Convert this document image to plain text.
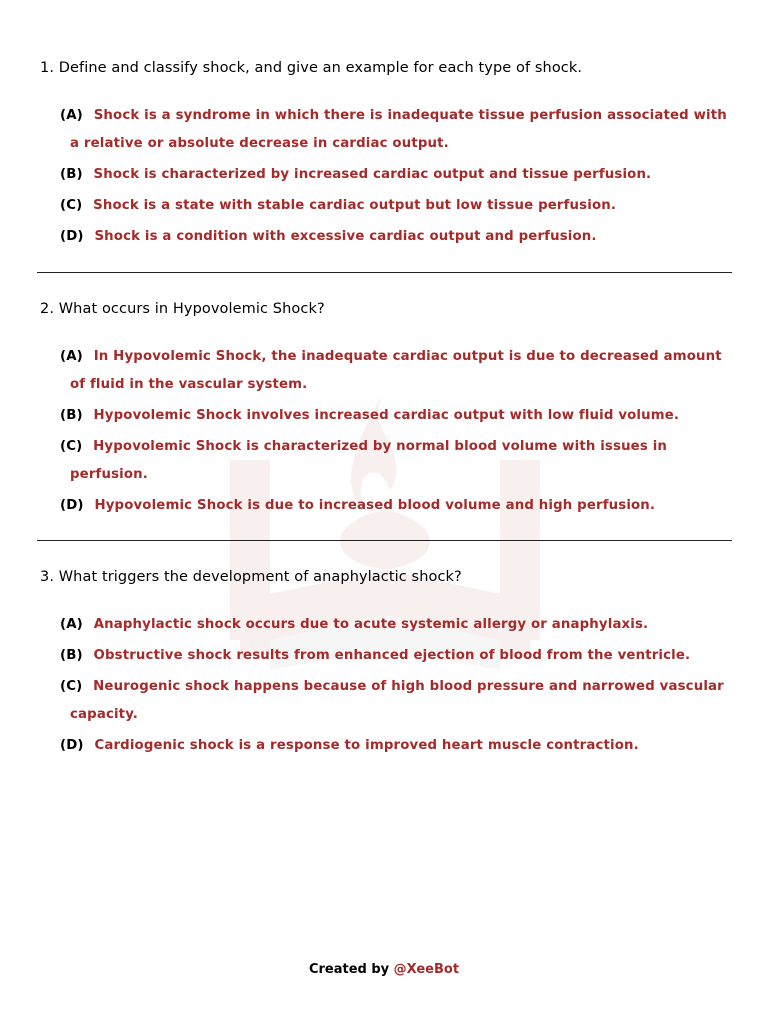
1. Define and classify shock, and give an example for each type of shock.
(A) Shock is a syndrome in which there is inadequate tissue perfusion associated with
a relative or absolute decrease in cardiac output.
(B) Shock is characterized by increased cardiac output and tissue perfusion.
(C) Shock is a state with stable cardiac output but low tissue perfusion.
(D) Shock is a condition with excessive cardiac output and perfusion.
2. What occurs in Hypovolemic Shock?
(A) In Hypovolemic Shock, the inadequate cardiac output is due to decreased amount
of fluid in the vascular system.
(B) Hypovolemic Shock involves increased cardiac output with low fluid volume.
(C) Hypovolemic Shock is characterized by normal blood volume with issues in
perfusion.
(D) Hypovolemic Shock is due to increased blood volume and high perfusion.
3. What triggers the development of anaphylactic shock?
(A) Anaphylactic shock occurs due to acute systemic allergy or anaphylaxis.
(B) Obstructive shock results from enhanced ejection of blood from the ventricle.
(C) Neurogenic shock happens because of high blood pressure and narrowed vascular
capacity.
(D) Cardiogenic shock is a response to improved heart muscle contraction.
Created by @XeeBot
